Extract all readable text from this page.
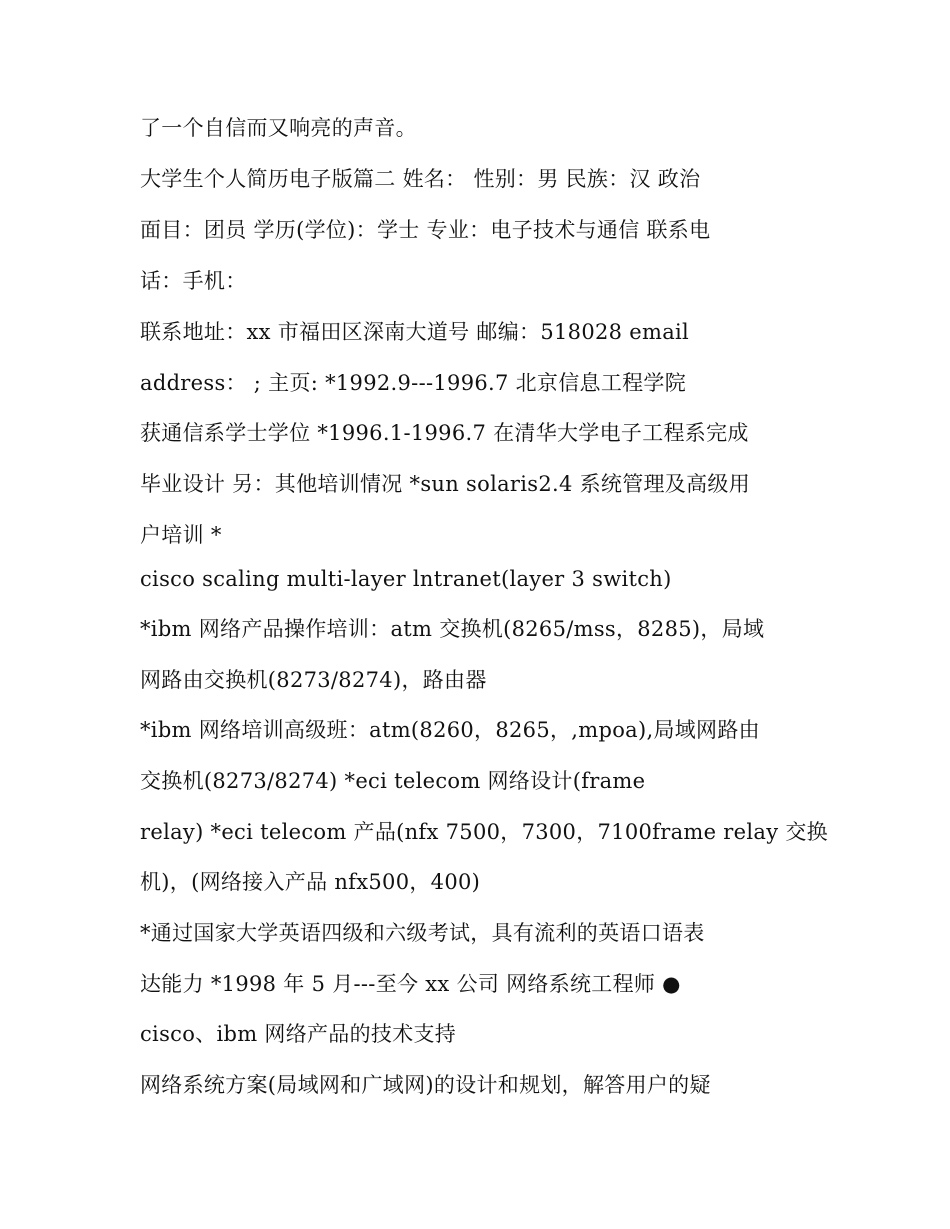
了一个自信而又响亮的声音。
大学生个人简历电子版篇二 姓名： 性别：男 民族：汉 政治
面目：团员 学历(学位)：学士 专业：电子技术与通信 联系电
话：手机：
联系地址：xx 市福田区深南大道号 邮编：518028 email
address： ; 主页: *1992.9---1996.7 北京信息工程学院
获通信系学士学位 *1996.1-1996.7 在清华大学电子工程系完成
毕业设计 另：其他培训情况 *sun solaris2.4 系统管理及高级用
户培训 *
cisco scaling multi-layer lntranet(layer 3 switch)
*ibm 网络产品操作培训：atm 交换机(8265/mss，8285)，局域
网路由交换机(8273/8274)，路由器
*ibm 网络培训高级班：atm(8260，8265，,mpoa),局域网路由
交换机(8273/8274) *eci telecom 网络设计(frame
relay) *eci telecom 产品(nfx 7500，7300，7100frame relay 交换
机)，(网络接入产品 nfx500，400)
*通过国家大学英语四级和六级考试，具有流利的英语口语表
达能力 *1998 年 5 月---至今 xx 公司 网络系统工程师 ●
cisco、ibm 网络产品的技术支持
网络系统方案(局域网和广域网)的设计和规划，解答用户的疑
